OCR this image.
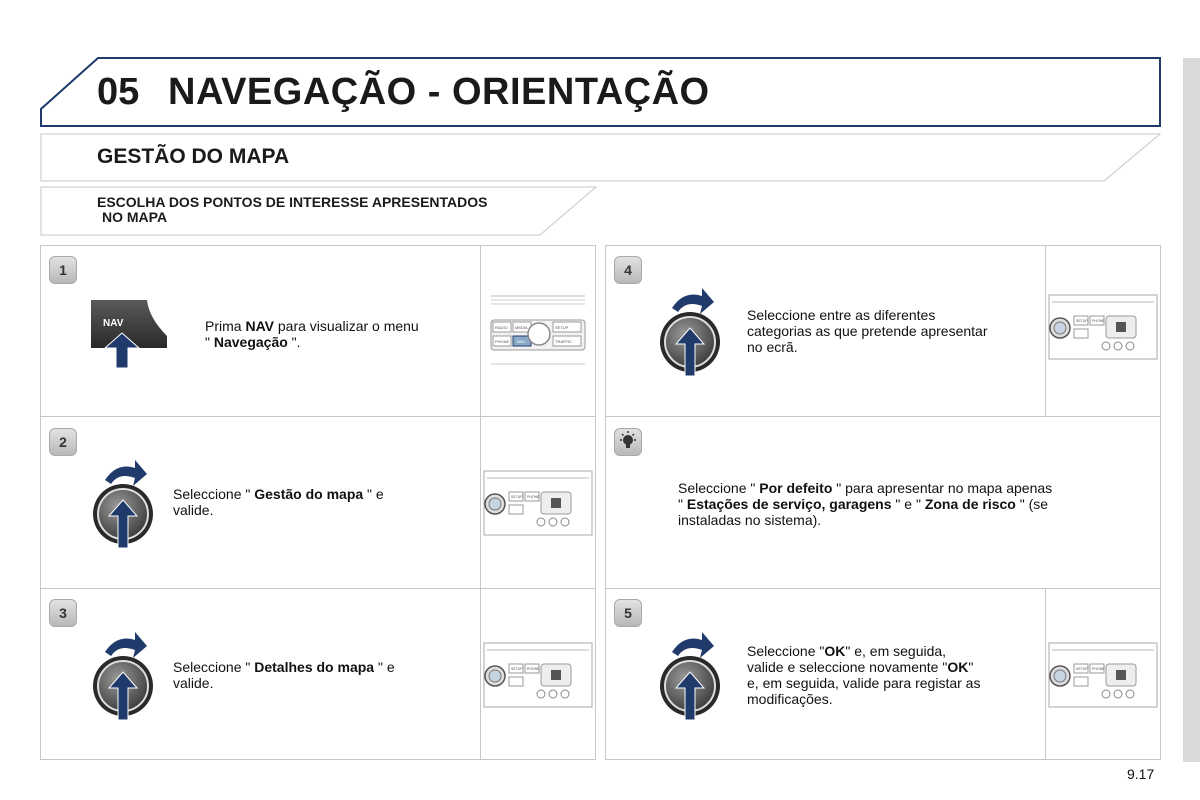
05 NAVEGAÇÃO - ORIENTAÇÃO
GESTÃO DO MAPA
ESCOLHA DOS PONTOS DE INTERESSE APRESENTADOS
NO MAPA
1
NAV	Prima NAV para visualizar o menu
" Navegação ".
RADIO MEDIA	SETUP
PHONE NAV	TRAFFIC
2
Seleccione " Gestão do mapa " e
valide.
SETUP PHONE
3
Seleccione " Detalhes do mapa " e
valide.
SETUP PHONE
4
Seleccione entre as diferentes
categorias as que pretende apresentar
no ecrã.
SETUP PHONE
Seleccione " Por defeito " para apresentar no mapa apenas
" Estações de serviço, garagens " e " Zona de risco " (se
instaladas no sistema).
5
Seleccione "OK" e, em seguida,
valide e seleccione novamente "OK"
e, em seguida, valide para registar as
modificações.
SETUP PHONE
9.17
